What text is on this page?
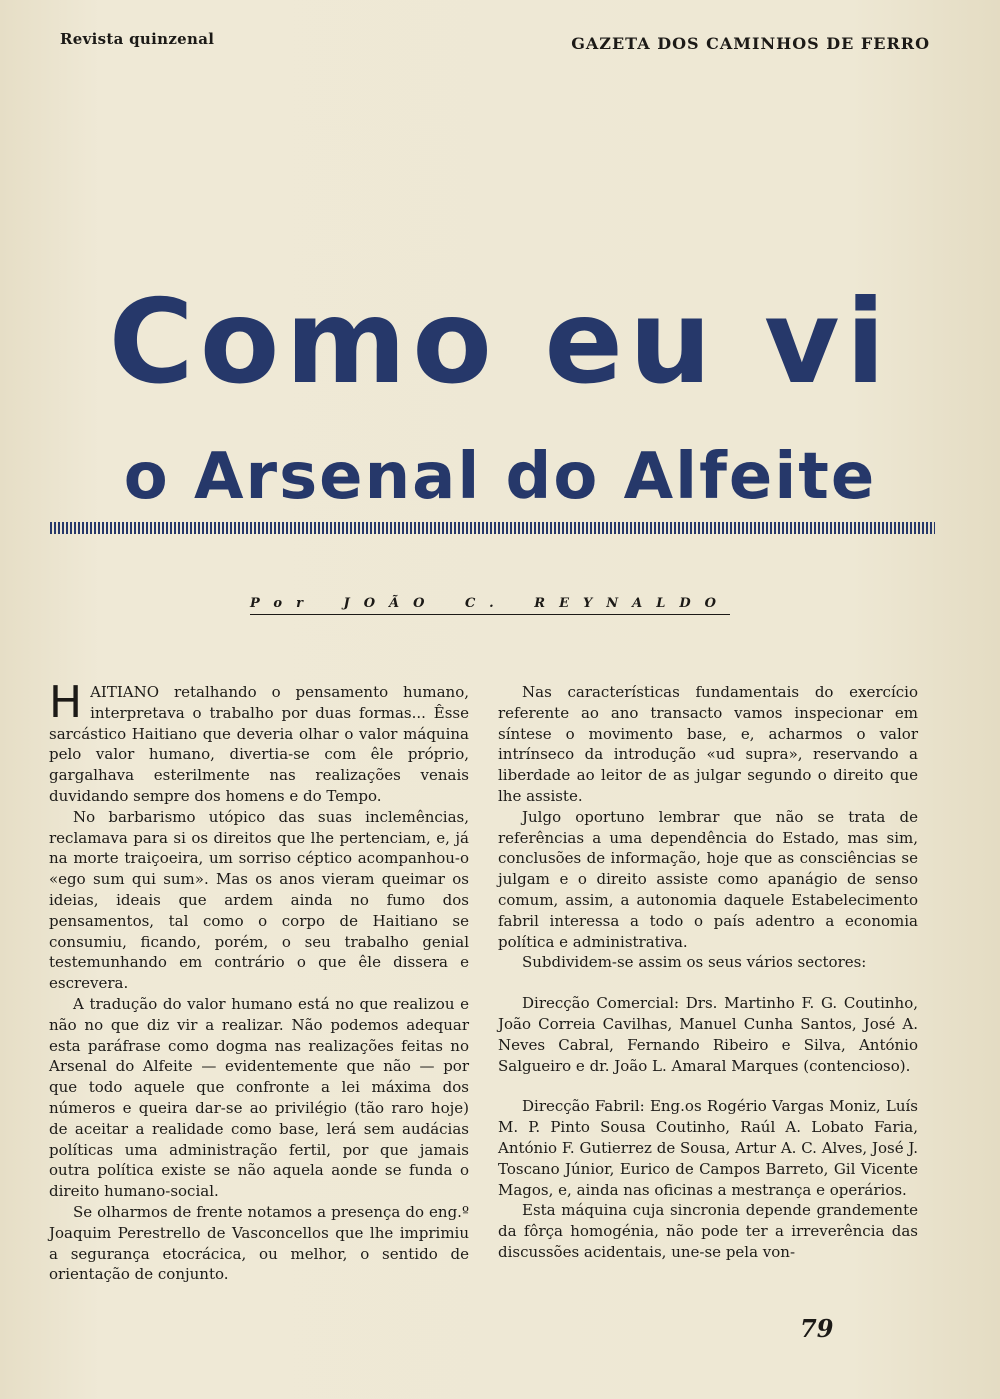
Revista quinzenal	GAZETA DOS CAMINHOS DE FERRO
Como eu vi
o Arsenal do Alfeite
Por JOÃO C. REYNALDO

HAITIANO retalhando o pensamento humano, interpretava o trabalho por duas formas... Êsse sarcástico Haitiano que deveria olhar o valor máquina pelo valor humano, divertia-se com êle próprio, gargalhava esterilmente nas realizações venais duvidando sempre dos homens e do Tempo.

No barbarismo utópico das suas inclemências, reclamava para si os direitos que lhe pertenciam, e, já na morte traiçoeira, um sorriso céptico acompanhou-o «ego sum qui sum». Mas os anos vieram queimar os ideias, ideais que ardem ainda no fumo dos pensamentos, tal como o corpo de Haitiano se consumiu, ficando, porém, o seu trabalho genial testemunhando em contrário o que êle dissera e escrevera.

A tradução do valor humano está no que realizou e não no que diz vir a realizar. Não podemos adequar esta paráfrase como dogma nas realizações feitas no Arsenal do Alfeite — evidentemente que não — por que todo aquele que confronte a lei máxima dos números e queira dar-se ao privilégio (tão raro hoje) de aceitar a realidade como base, lerá sem audácias políticas uma administração fertil, por que jamais outra política existe se não aquela aonde se funda o direito humano-social.

Se olharmos de frente notamos a presença do eng.º Joaquim Perestrello de Vasconcellos que lhe imprimiu a segurança etocrácica, ou melhor, o sentido de orientação de conjunto.

Nas características fundamentais do exercício referente ao ano transacto vamos inspecionar em síntese o movimento base, e, acharmos o valor intrínseco da introdução «ud supra», reservando a liberdade ao leitor de as julgar segundo o direito que lhe assiste.

Julgo oportuno lembrar que não se trata de referências a uma dependência do Estado, mas sim, conclusões de informação, hoje que as consciências se julgam e o direito assiste como apanágio de senso comum, assim, a autonomia daquele Estabelecimento fabril interessa a todo o país adentro a economia política e administrativa.

Subdividem-se assim os seus vários sectores:

Direcção Comercial: Drs. Martinho F. G. Coutinho, João Correia Cavilhas, Manuel Cunha Santos, José A. Neves Cabral, Fernando Ribeiro e Silva, António Salgueiro e dr. João L. Amaral Marques (contencioso).

Direcção Fabril: Eng.os Rogério Vargas Moniz, Luís M. P. Pinto Sousa Coutinho, Raúl A. Lobato Faria, António F. Gutierrez de Sousa, Artur A. C. Alves, José J. Toscano Júnior, Eurico de Campos Barreto, Gil Vicente Magos, e, ainda nas oficinas a mestrança e operários.

Esta máquina cuja sincronia depende grandemente da fôrça homogénia, não pode ter a irreverência das discussões acidentais, une-se pela von-

79
